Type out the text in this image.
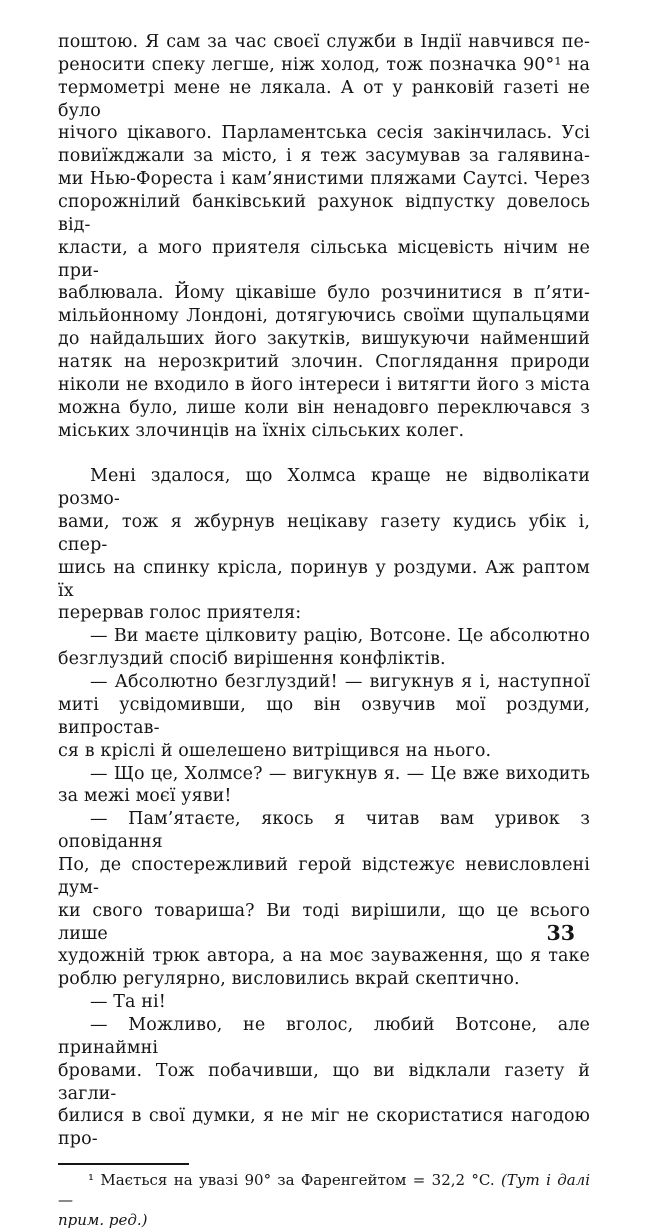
поштою. Я сам за час своєї служби в Індії навчився пе-
реносити спеку легше, ніж холод, тож позначка 90°¹ на
термометрі мене не лякала. А от у ранковій газеті не було
нічого цікавого. Парламентська сесія закінчилась. Усі
повиїжджали за місто, і я теж засумував за галявина-
ми Нью-Фореста і кам’янистими пляжами Саутсі. Через
спорожнілий банківський рахунок відпустку довелось від-
класти, а мого приятеля сільська місцевість нічим не при-
ваблювала. Йому цікавіше було розчинитися в п’яти-
мільйонному Лондоні, дотягуючись своїми щупальцями
до найдальших його закутків, вишукуючи найменший
натяк на нерозкритий злочин. Споглядання природи
ніколи не входило в його інтереси і витягти його з міста
можна було, лише коли він ненадовго переключався з
міських злочинців на їхніх сільських колег.
Мені здалося, що Холмса краще не відволікати розмо-
вами, тож я жбурнув нецікаву газету кудись убік і, спер-
шись на спинку крісла, поринув у роздуми. Аж раптом їх
перервав голос приятеля:
— Ви маєте цілковиту рацію, Вотсоне. Це абсолютно
безглуздий спосіб вирішення конфліктів.
— Абсолютно безглуздий! — вигукнув я і, наступної
миті усвідомивши, що він озвучив мої роздуми, випростав-
ся в кріслі й ошелешено витріщився на нього.
— Що це, Холмсе? — вигукнув я. — Це вже виходить
за межі моєї уяви!
— Пам’ятаєте, якось я читав вам уривок з оповідання
По, де спостережливий герой відстежує невисловлені дум-
ки свого товариша? Ви тоді вирішили, що це всього лише
художній трюк автора, а на моє зауваження, що я таке
роблю регулярно, висловились вкрай скептично.
— Та ні!
— Можливо, не вголос, любий Вотсоне, але принаймні
бровами. Тож побачивши, що ви відклали газету й загли-
билися в свої думки, я не міг не скористатися нагодою про-
¹ Мається на увазі 90° за Фаренгейтом = 32,2 °C. (Тут і далі —
прим. ред.)
33
